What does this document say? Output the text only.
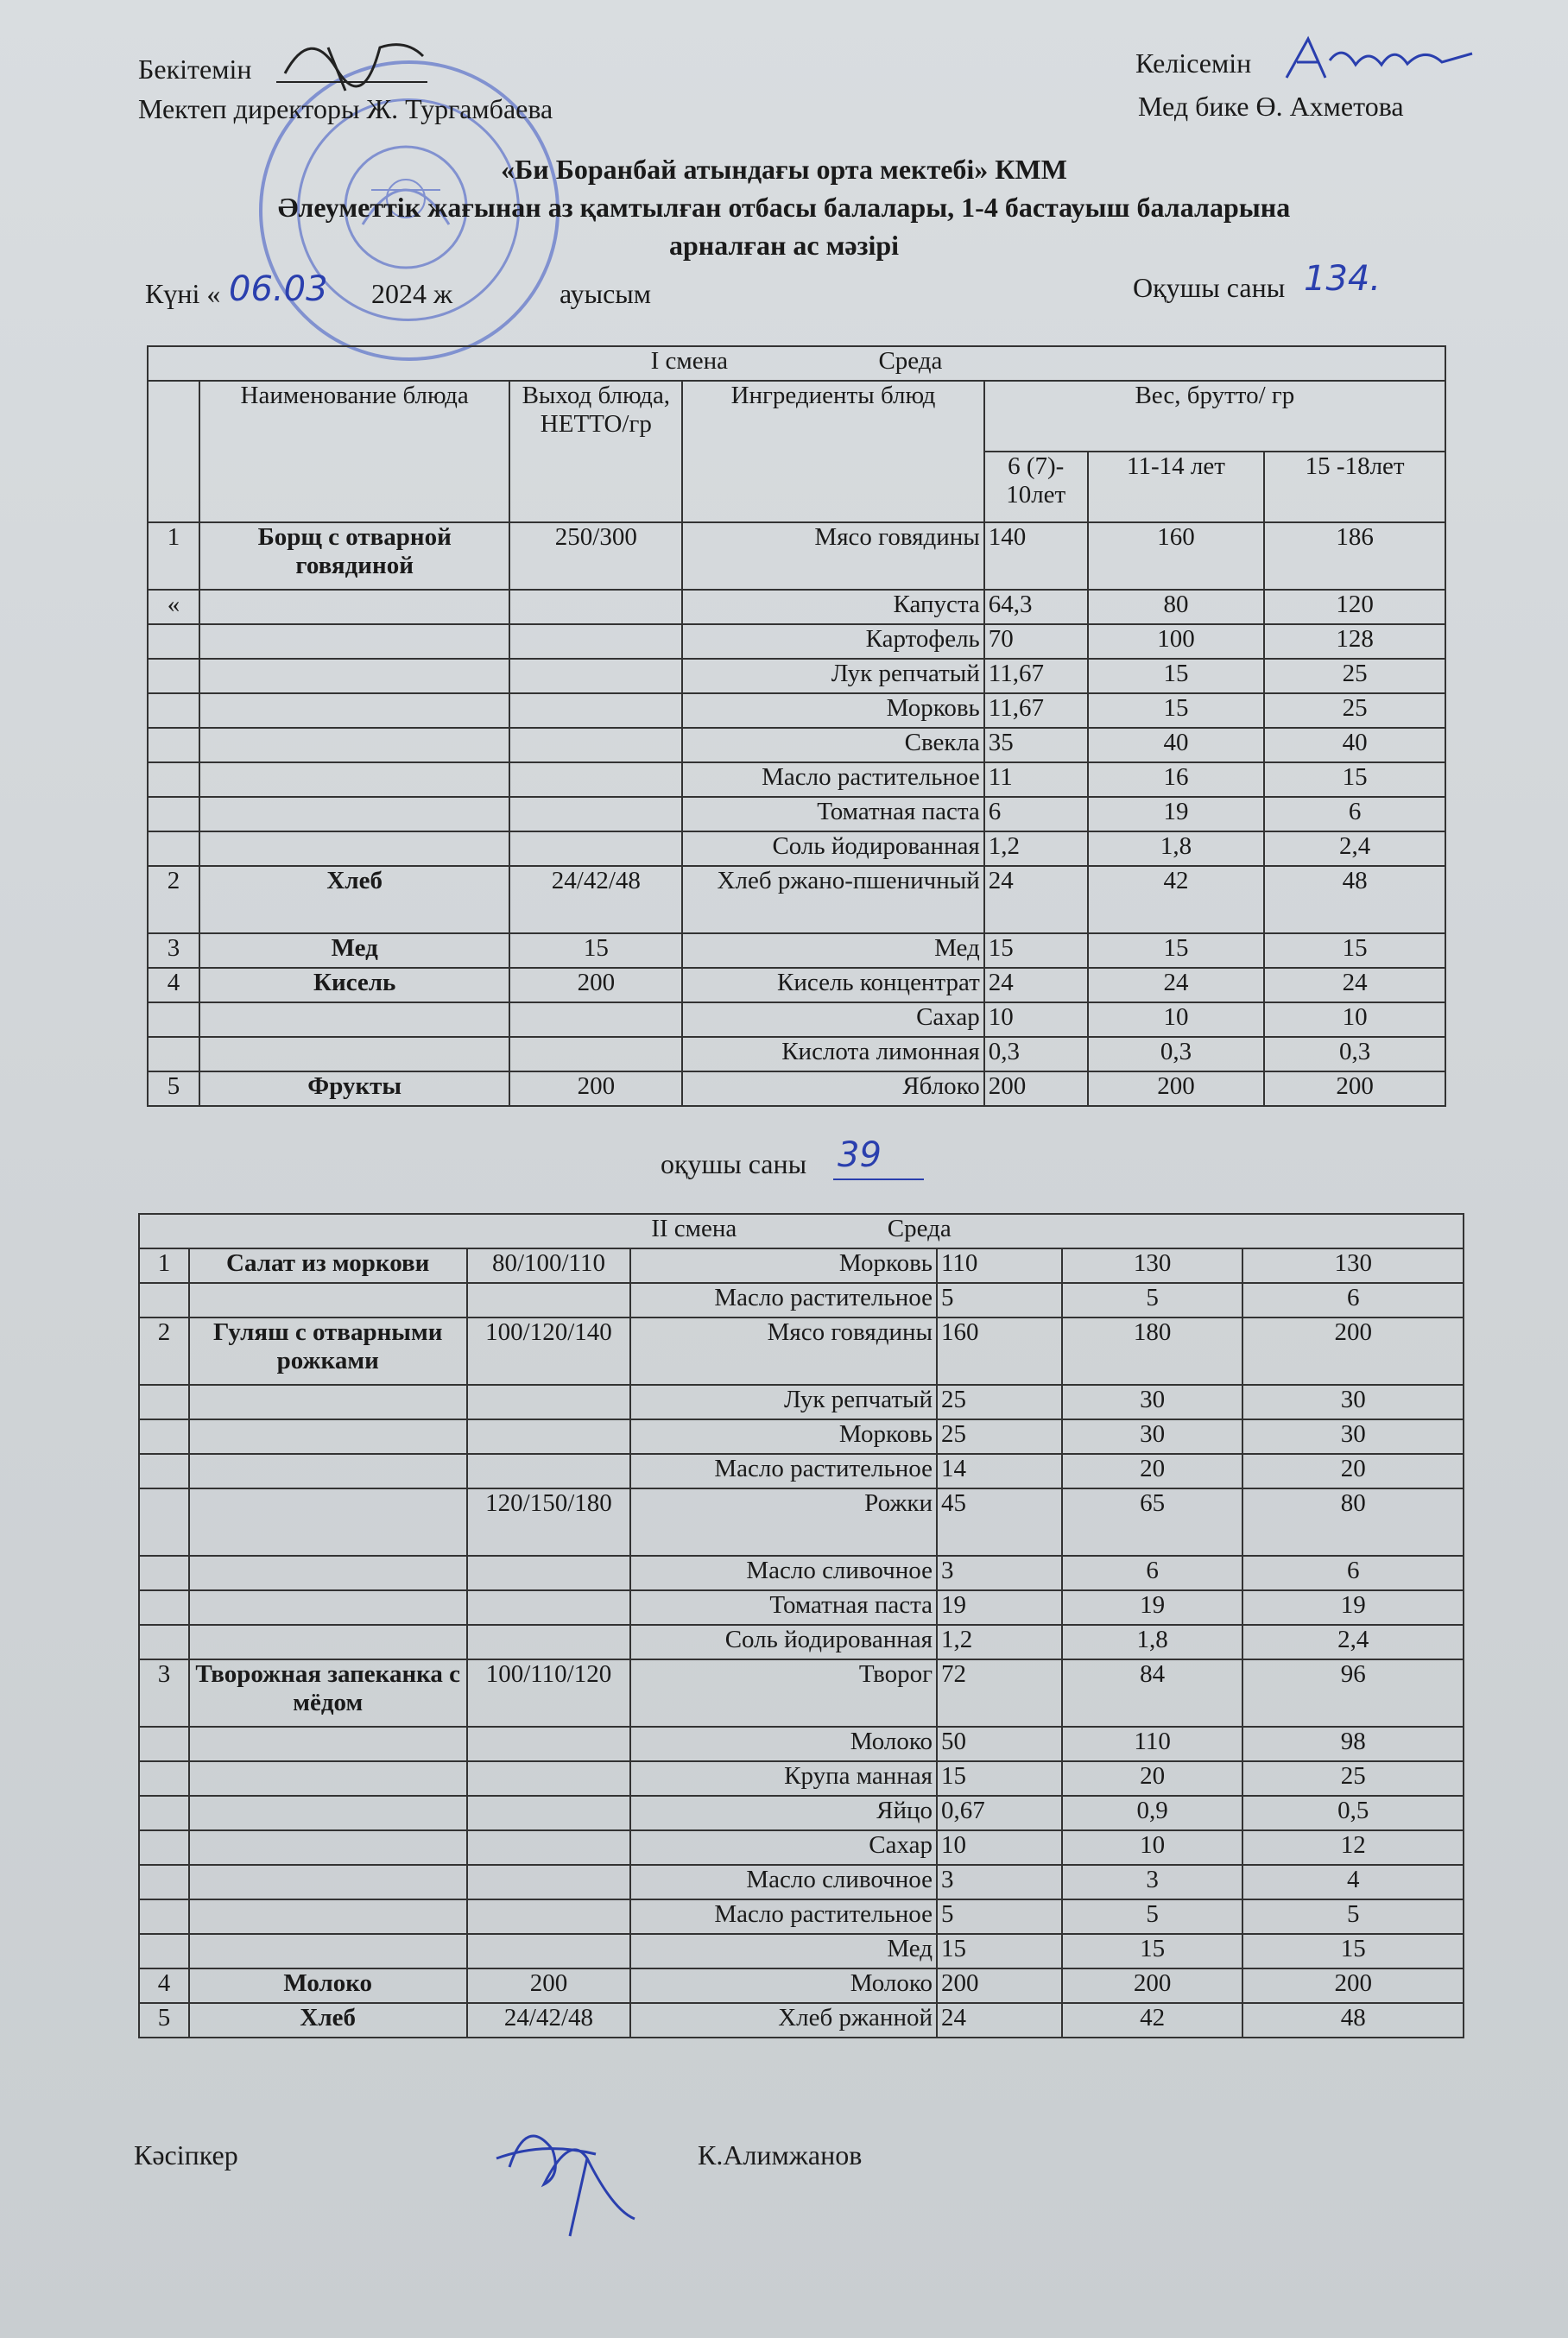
Бекітемін
Мектеп директоры Ж. Тургамбаева
Келісемін
Мед бике Ө. Ахметова
«Би Боранбай атындағы орта мектебі» КММ
Әлеуметтік жағынан аз қамтылған отбасы балалары, 1-4 бастауыш балаларына
арналған ас мәзірі
Күні « 06.03 2024 ж	ауысым	Оқушы саны 134.
I смена Среда						
	Наименование блюда	Выход блюда, НЕТТО/гр	Ингредиенты блюд	Вес, брутто/ гр		
				6 (7)- 10лет	11-14 лет	15 -18лет
1	Борщ с отварной говядиной	250/300	Мясо говядины	140	160	186
«			Капуста	64,3	80	120
			Картофель	70	100	128
			Лук репчатый	11,67	15	25
			Морковь	11,67	15	25
			Свекла	35	40	40
			Масло растительное	11	16	15
			Томатная паста	6	19	6
			Соль йодированная	1,2	1,8	2,4
2	Хлеб	24/42/48	Хлеб ржано-пшеничный	24	42	48
3	Мед	15	Мед	15	15	15
4	Кисель	200	Кисель концентрат	24	24	24
			Сахар	10	10	10
			Кислота лимонная	0,3	0,3	0,3
5	Фрукты	200	Яблоко	200	200	200
оқушы саны 39
II смена Среда						
1	Салат из моркови	80/100/110	Морковь	110	130	130
			Масло растительное	5	5	6
2	Гуляш с отварными рожками	100/120/140	Мясо говядины	160	180	200
			Лук репчатый	25	30	30
			Морковь	25	30	30
			Масло растительное	14	20	20
		120/150/180	Рожки	45	65	80
			Масло сливочное	3	6	6
			Томатная паста	19	19	19
			Соль йодированная	1,2	1,8	2,4
3	Творожная запеканка с мёдом	100/110/120	Творог	72	84	96
			Молоко	50	110	98
			Крупа манная	15	20	25
			Яйцо	0,67	0,9	0,5
			Сахар	10	10	12
			Масло сливочное	3	3	4
			Масло растительное	5	5	5
			Мед	15	15	15
4	Молоко	200	Молоко	200	200	200
5	Хлеб	24/42/48	Хлеб ржанной	24	42	48
Кәсіпкер	К.Алимжанов
